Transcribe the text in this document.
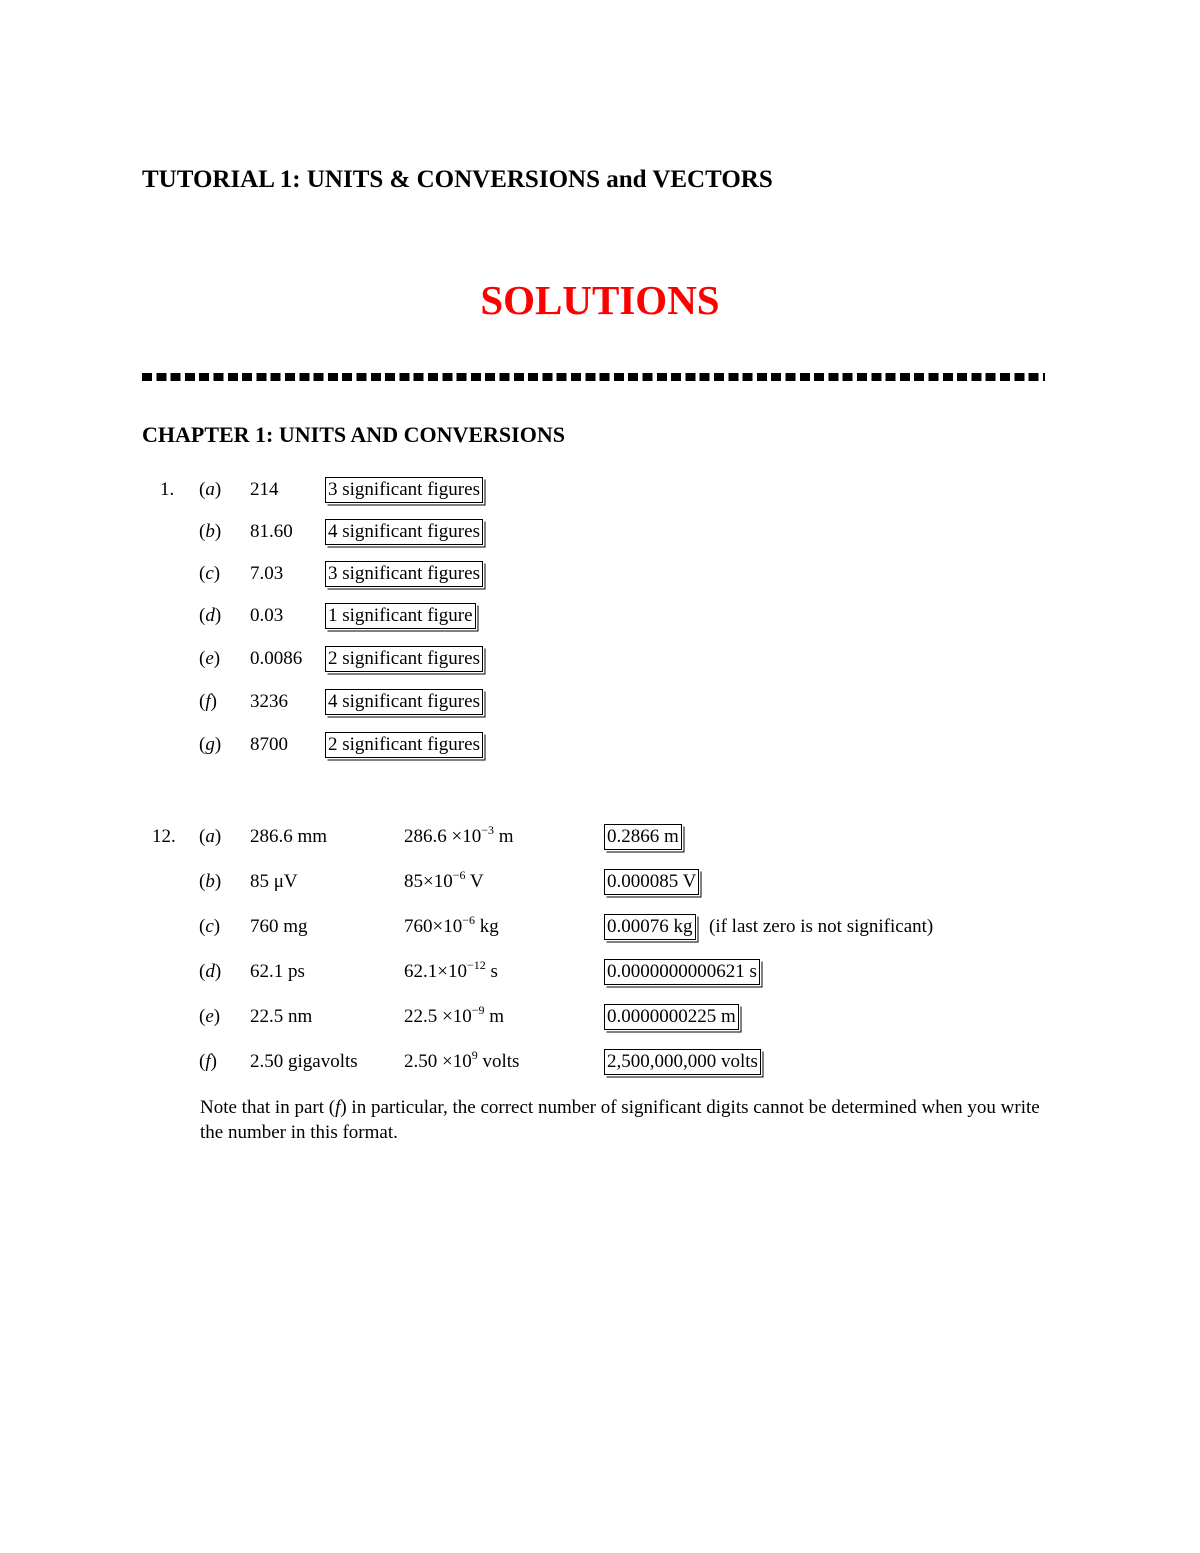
TUTORIAL 1: UNITS & CONVERSIONS and VECTORS
SOLUTIONS
CHAPTER 1: UNITS AND CONVERSIONS
1. (a) 214	3 significant figures
(b) 81.60 4 significant figures
(c) 7.03 3 significant figures
(d) 0.03 1 significant figure
(e) 0.0086 2 significant figures
(f) 3236 4 significant figures
(g) 8700 2 significant figures
12. (a) 286.6 mm	$286.6 \times 10^{-3}$ m	0.2866 m
(b) 85 μV	$85\times 10^{-6}$ V	0.000085 V
(c) 760 mg	$760\times 10^{-6}$ kg	0.00076 kg (if last zero is not significant)
(d) 62.1 ps	$62.1\times 10^{-12}$ s	0.0000000000621 s
(e) 22.5 nm	$22.5 \times 10^{-9}$ m	0.0000000225 m
(f) 2.50 gigavolts $2.50 \times 10^9$ volts	2,500,000,000 volts
Note that in part (f) in particular, the correct number of significant digits cannot be determined when you write the number in this format.
